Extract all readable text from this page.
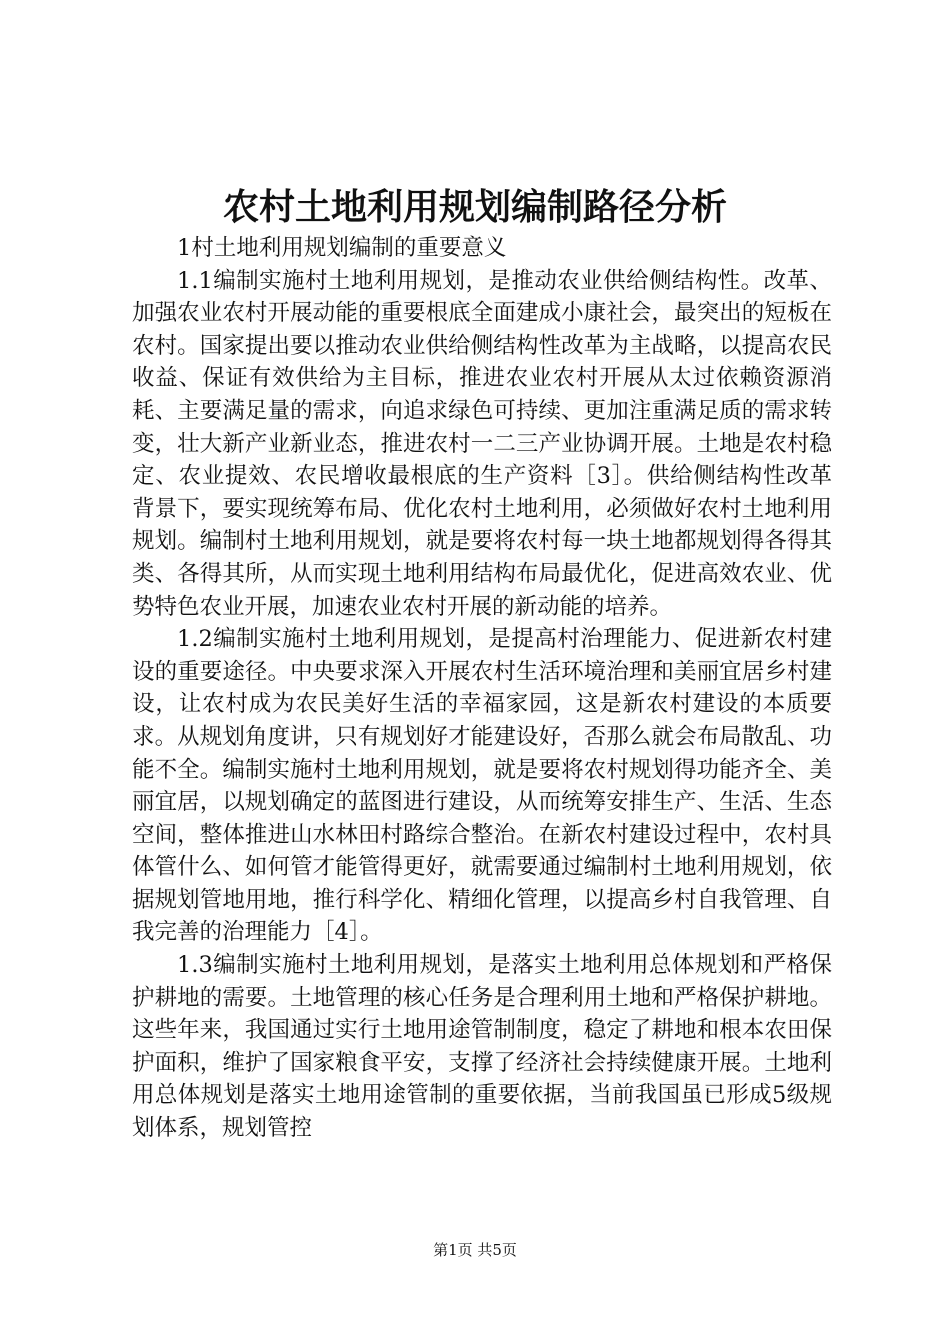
农村土地利用规划编制路径分析

1村土地利用规划编制的重要意义

1.1编制实施村土地利用规划，是推动农业供给侧结构性。改革、加强农业农村开展动能的重要根底全面建成小康社会，最突出的短板在农村。国家提出要以推动农业供给侧结构性改革为主战略，以提高农民收益、保证有效供给为主目标，推进农业农村开展从太过依赖资源消耗、主要满足量的需求，向追求绿色可持续、更加注重满足质的需求转变，壮大新产业新业态，推进农村一二三产业协调开展。土地是农村稳定、农业提效、农民增收最根底的生产资料［3］。供给侧结构性改革背景下，要实现统筹布局、优化农村土地利用，必须做好农村土地利用规划。编制村土地利用规划，就是要将农村每一块土地都规划得各得其类、各得其所，从而实现土地利用结构布局最优化，促进高效农业、优势特色农业开展，加速农业农村开展的新动能的培养。

1.2编制实施村土地利用规划，是提高村治理能力、促进新农村建设的重要途径。中央要求深入开展农村生活环境治理和美丽宜居乡村建设，让农村成为农民美好生活的幸福家园，这是新农村建设的本质要求。从规划角度讲，只有规划好才能建设好，否那么就会布局散乱、功能不全。编制实施村土地利用规划，就是要将农村规划得功能齐全、美丽宜居，以规划确定的蓝图进行建设，从而统筹安排生产、生活、生态空间，整体推进山水林田村路综合整治。在新农村建设过程中，农村具体管什么、如何管才能管得更好，就需要通过编制村土地利用规划，依据规划管地用地，推行科学化、精细化管理，以提高乡村自我管理、自我完善的治理能力［4］。

1.3编制实施村土地利用规划，是落实土地利用总体规划和严格保护耕地的需要。土地管理的核心任务是合理利用土地和严格保护耕地。这些年来，我国通过实行土地用途管制制度，稳定了耕地和根本农田保护面积，维护了国家粮食平安，支撑了经济社会持续健康开展。土地利用总体规划是落实土地用途管制的重要依据，当前我国虽已形成5级规划体系，规划管控

第1页 共5页
